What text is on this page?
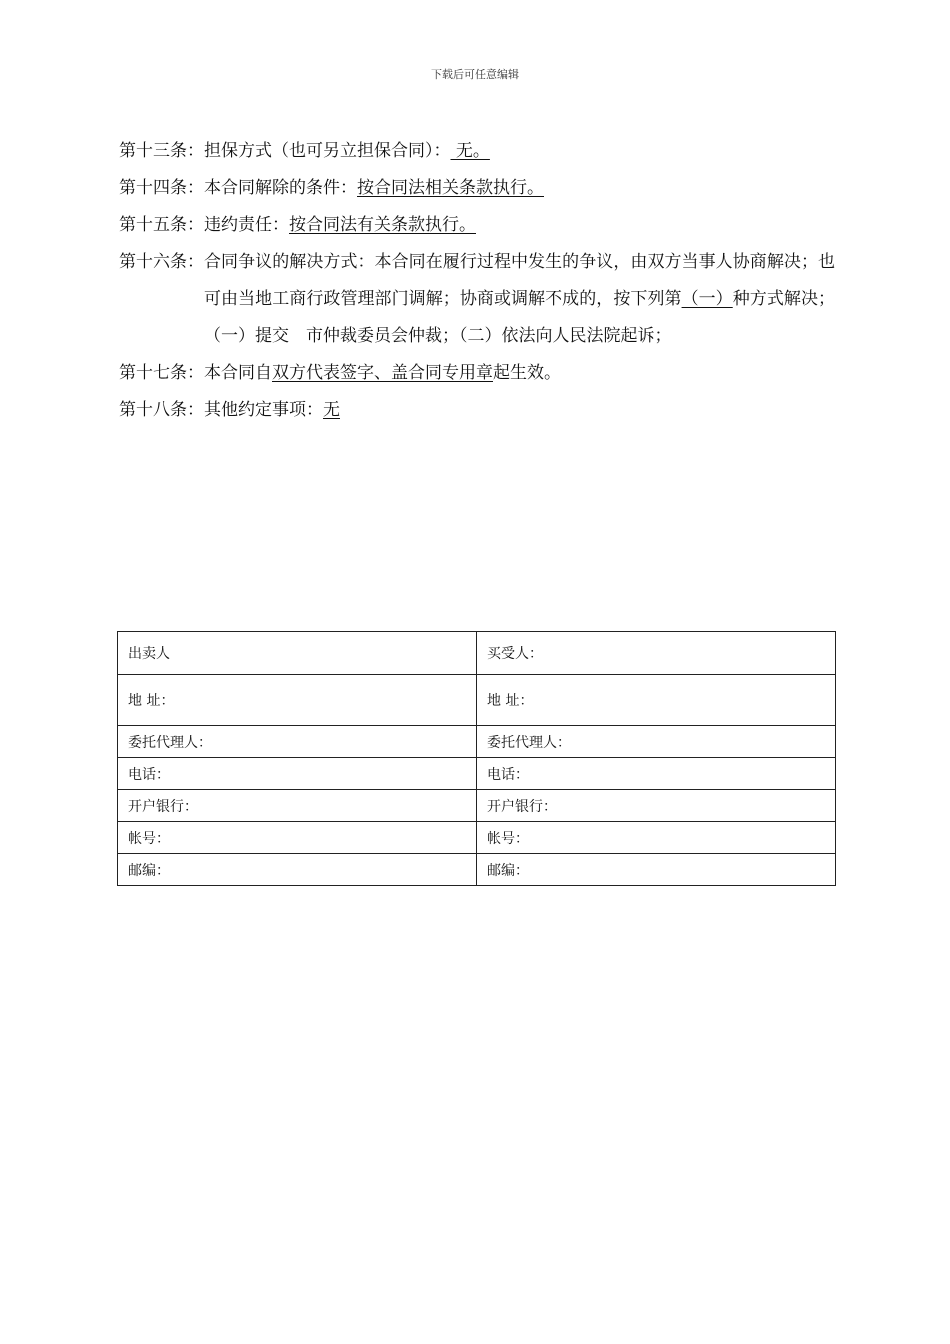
下载后可任意编辑
第十三条： 担保方式（也可另立担保合同）： 无。
第十四条： 本合同解除的条件：按合同法相关条款执行。
第十五条： 违约责任：按合同法有关条款执行。
第十六条： 合同争议的解决方式：本合同在履行过程中发生的争议，由双方当事人协商解决；也可由当地工商行政管理部门调解；协商或调解不成的，按下列第（一）种方式解决；（一）提交　市仲裁委员会仲裁；（二）依法向人民法院起诉；
第十七条： 本合同自双方代表签字、盖合同专用章起生效。
第十八条： 其他约定事项：无
出卖人	买受人：
地 址：	地 址：
委托代理人：	委托代理人：
电话：	电话：
开户银行：	开户银行：
帐号：	帐号：
邮编：	邮编：
